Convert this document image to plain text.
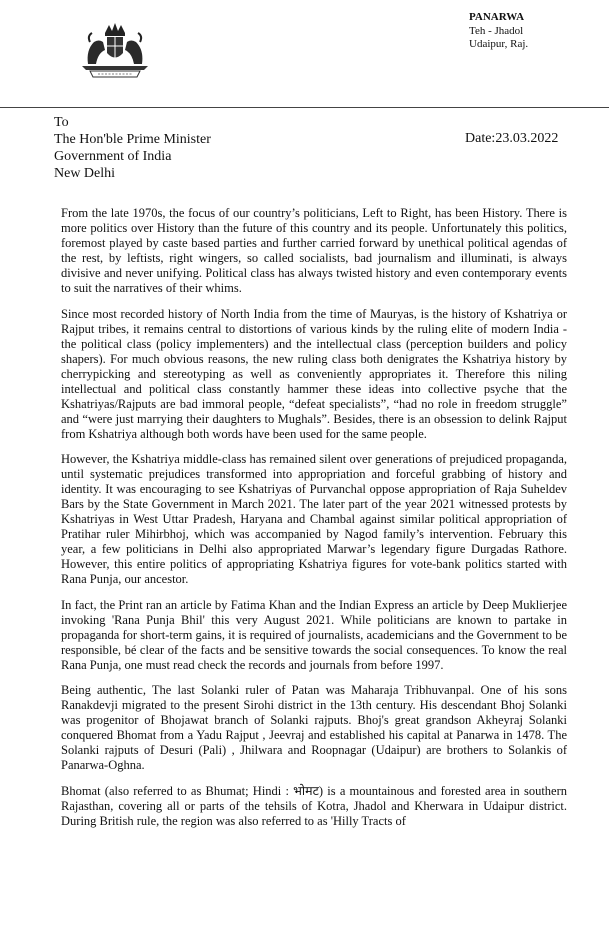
PANARWA
Teh - Jhadol
Udaipur, Raj.
To
The Hon'ble Prime Minister
Government of India
New Delhi
Date:23.03.2022

From the late 1970s, the focus of our country’s politicians, Left to Right, has been History. There is more politics over History than the future of this country and its people. Unfortunately this politics, foremost played by caste based parties and further carried forward by unethical political agendas of the rest, by leftists, right wingers, so called socialists, bad journalism and illuminati, is always divisive and never unifying. Political class has always twisted history and even contemporary events to suit the narratives of their whims.

Since most recorded history of North India from the time of Mauryas, is the history of Kshatriya or Rajput tribes, it remains central to distortions of various kinds by the ruling elite of modern India - the political class (policy implementers) and the intellectual class (perception builders and policy shapers). For much obvious reasons, the new ruling class both denigrates the Kshatriya history by cherrypicking and stereotyping as well as conveniently appropriates it. Therefore this niling intellectual and political class constantly hammer these ideas into collective psyche that the Kshatriyas/Rajputs are bad immoral people, “defeat specialists”, “had no role in freedom struggle” and “were just marrying their daughters to Mughals”. Besides, there is an obsession to delink Rajput from Kshatriya although both words have been used for the same people.

However, the Kshatriya middle-class has remained silent over generations of prejudiced propaganda, until systematic prejudices transformed into appropriation and forceful grabbing of history and identity. It was encouraging to see Kshatriyas of Purvanchal oppose appropriation of Raja Suheldev Bars by the State Government in March 2021. The later part of the year 2021 witnessed protests by Kshatriyas in West Uttar Pradesh, Haryana and Chambal against similar political appropriation of Pratihar ruler Mihirbhoj, which was accompanied by Nagod family’s intervention. February this year, a few politicians in Delhi also appropriated Marwar’s legendary figure Durgadas Rathore. However, this entire politics of appropriating Kshatriya figures for vote-bank politics started with Rana Punja, our ancestor.

In fact, the Print ran an article by Fatima Khan and the Indian Express an article by Deep Muklierjee invoking 'Rana Punja Bhil' this very August 2021. While politicians are known to partake in propaganda for short-term gains, it is required of journalists, academicians and the Government to be responsible, bé clear of the facts and be sensitive towards the social consequences. To know the real Rana Punja, one must read check the records and journals from before 1997.

Being authentic, The last Solanki ruler of Patan was Maharaja Tribhuvanpal. One of his sons Ranakdevji migrated to the present Sirohi district in the 13th century. His descendant Bhoj Solanki was progenitor of Bhojawat branch of Solanki rajputs. Bhoj's great grandson Akheyraj Solanki conquered Bhomat from a Yadu Rajput , Jeevraj and established his capital at Panarwa in 1478. The Solanki rajputs of Desuri (Pali) , Jhilwara and Roopnagar (Udaipur) are brothers to Solankis of Panarwa-Oghna.

Bhomat (also referred to as Bhumat; Hindi : भोमट) is a mountainous and forested area in southern Rajasthan, covering all or parts of the tehsils of Kotra, Jhadol and Kherwara in Udaipur district. During British rule, the region was also referred to as 'Hilly Tracts of
